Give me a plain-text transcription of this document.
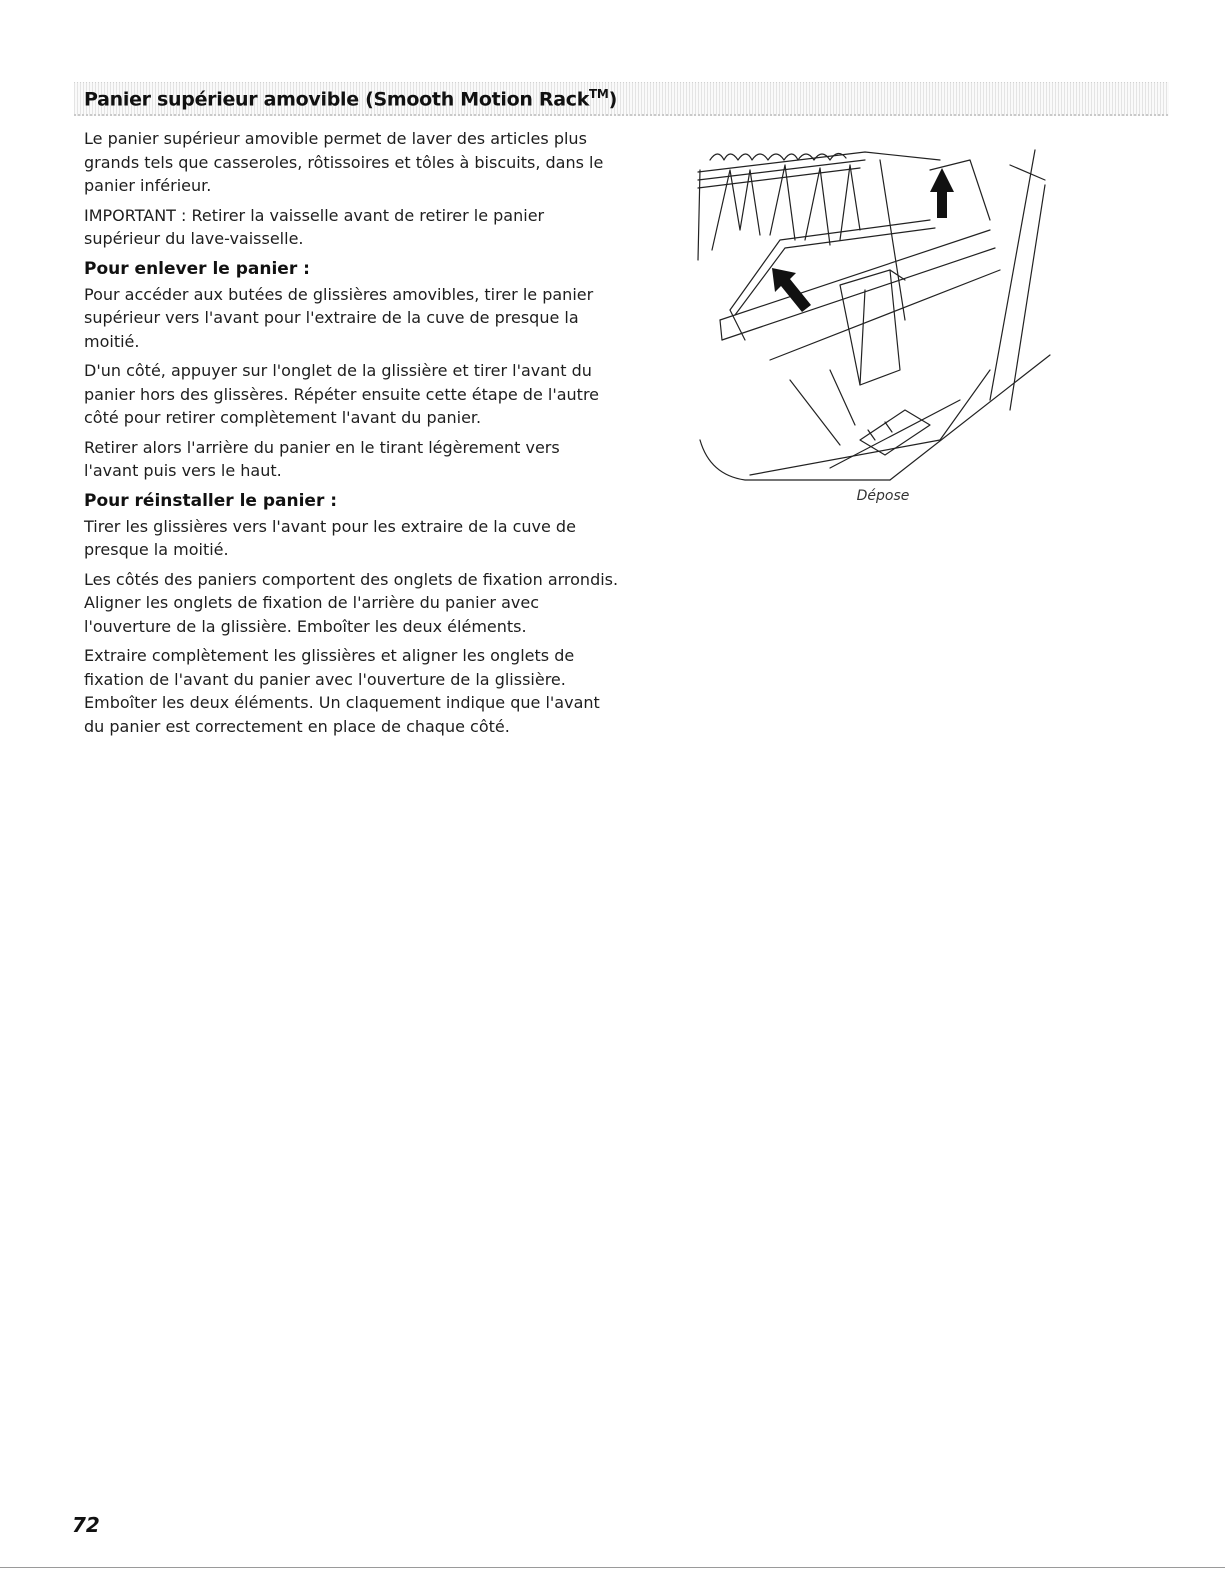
Panier supérieur amovible (Smooth Motion Rack™)

Le panier supérieur amovible permet de laver des articles plus grands tels que casseroles, rôtissoires et tôles à biscuits, dans le panier inférieur.

IMPORTANT : Retirer la vaisselle avant de retirer le panier supérieur du lave-vaisselle.

Pour enlever le panier :

Pour accéder aux butées de glissières amovibles, tirer le panier supérieur vers l'avant pour l'extraire de la cuve de presque la moitié.

D'un côté, appuyer sur l'onglet de la glissière et tirer l'avant du panier hors des glissères. Répéter ensuite cette étape de l'autre côté pour retirer complètement l'avant du panier.

Retirer alors l'arrière du panier en le tirant légèrement vers l'avant puis vers le haut.

Pour réinstaller le panier :

Tirer les glissières vers l'avant pour les extraire de la cuve de presque la moitié.

Les côtés des paniers comportent des onglets de fixation arrondis. Aligner les onglets de fixation de l'arrière du panier avec l'ouverture de la glissière. Emboîter les deux éléments.

Extraire complètement les glissières et aligner les onglets de fixation de l'avant du panier avec l'ouverture de la glissière. Emboîter les deux éléments. Un claquement indique que l'avant du panier est correctement en place de chaque côté.

Dépose
72
